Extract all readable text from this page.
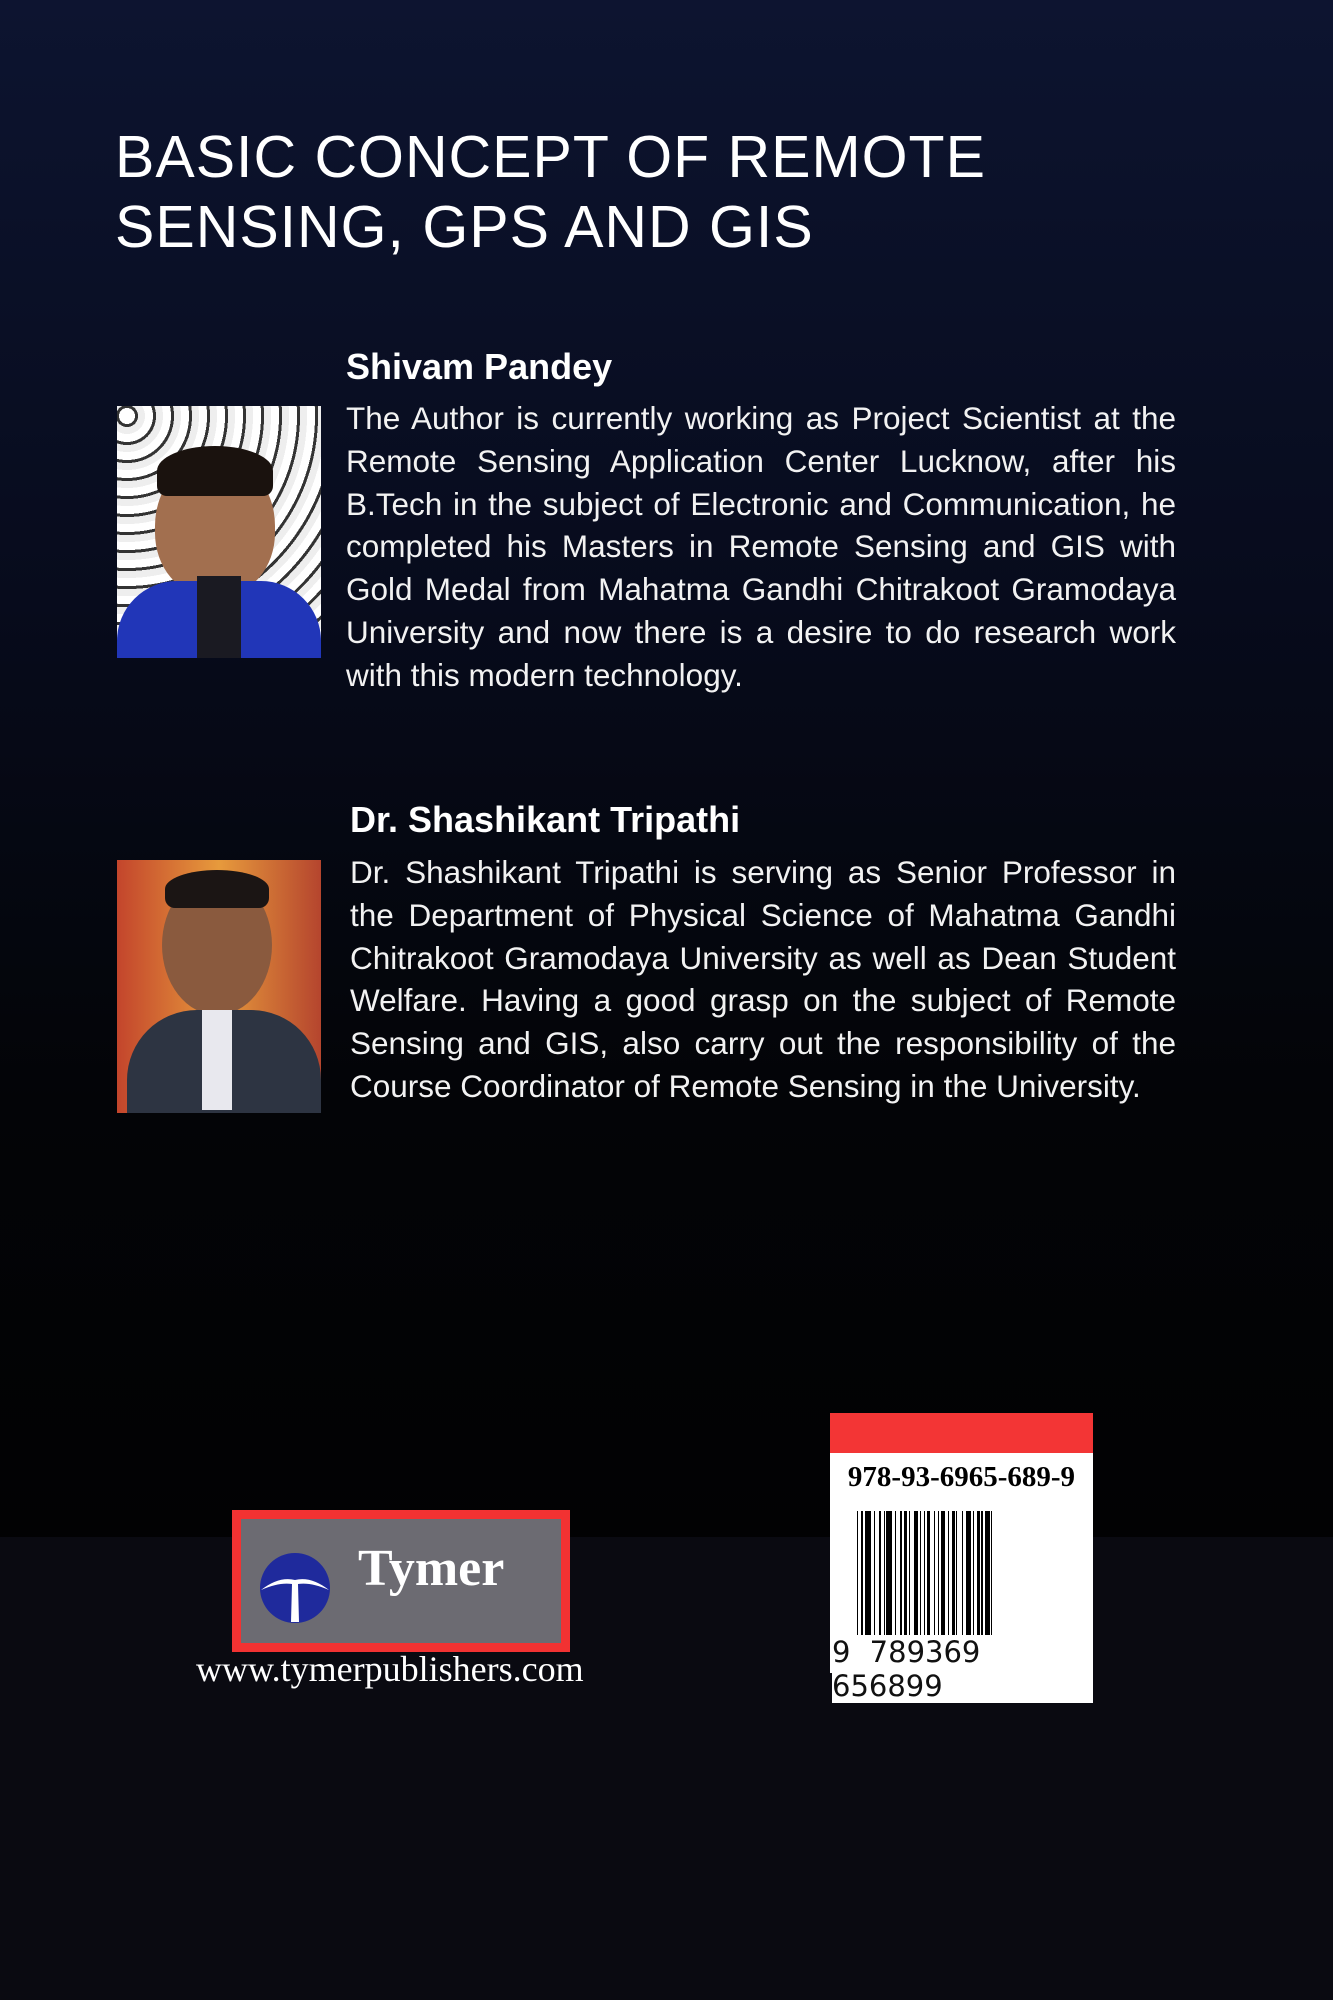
BASIC CONCEPT OF REMOTE
SENSING, GPS AND GIS
Shivam Pandey
The Author is currently working as Project Scientist at the Remote Sensing Application Center Lucknow, after his B.Tech in the subject of Electronic and Communication, he completed his Masters in Remote Sensing and GIS with Gold Medal from Mahatma Gandhi Chitrakoot Gramodaya University and now there is a desire to do research work with this modern technology.
Dr. Shashikant Tripathi
Dr. Shashikant Tripathi is serving as Senior Professor in the Department of Physical Science of Mahatma Gandhi Chitrakoot Gramodaya University as well as Dean Student Welfare. Having a good grasp on the subject of Remote Sensing and GIS, also carry out the responsibility of the Course Coordinator of Remote Sensing in the University.
Tymer
www.tymerpublishers.com
978-93-6965-689-9
9 789369 656899
